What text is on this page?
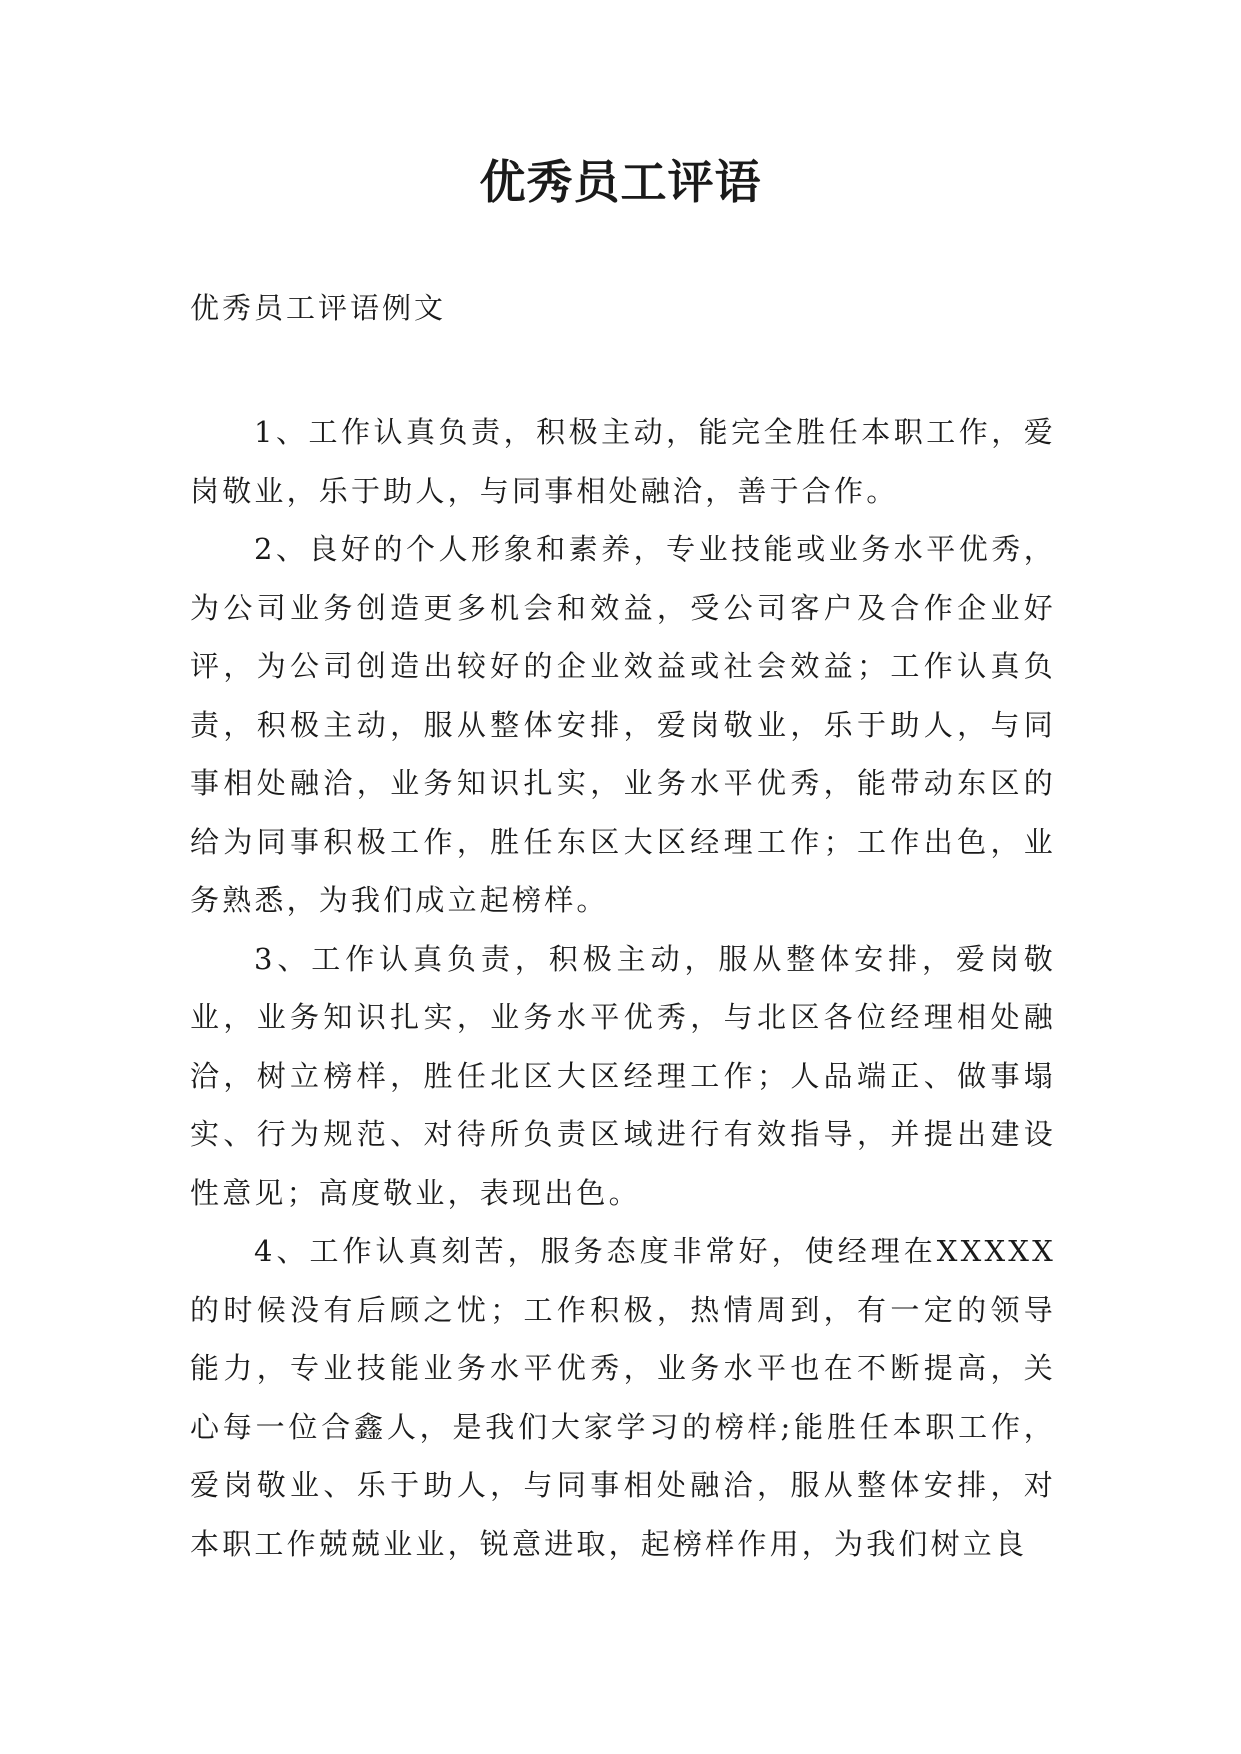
优秀员工评语
优秀员工评语例文

1、工作认真负责，积极主动，能完全胜任本职工作，爱岗敬业，乐于助人，与同事相处融洽，善于合作。

2、良好的个人形象和素养，专业技能或业务水平优秀，为公司业务创造更多机会和效益，受公司客户及合作企业好评，为公司创造出较好的企业效益或社会效益；工作认真负责，积极主动，服从整体安排，爱岗敬业，乐于助人，与同事相处融洽，业务知识扎实，业务水平优秀，能带动东区的给为同事积极工作，胜任东区大区经理工作；工作出色，业务熟悉，为我们成立起榜样。

3、工作认真负责，积极主动，服从整体安排，爱岗敬业，业务知识扎实，业务水平优秀，与北区各位经理相处融洽，树立榜样，胜任北区大区经理工作；人品端正、做事塌实、行为规范、对待所负责区域进行有效指导，并提出建设性意见；高度敬业，表现出色。

4、工作认真刻苦，服务态度非常好，使经理在XXXXX的时候没有后顾之忧；工作积极，热情周到，有一定的领导能力，专业技能业务水平优秀，业务水平也在不断提高，关心每一位合鑫人，是我们大家学习的榜样;能胜任本职工作，爱岗敬业、乐于助人，与同事相处融洽，服从整体安排，对本职工作兢兢业业，锐意进取，起榜样作用，为我们树立良
